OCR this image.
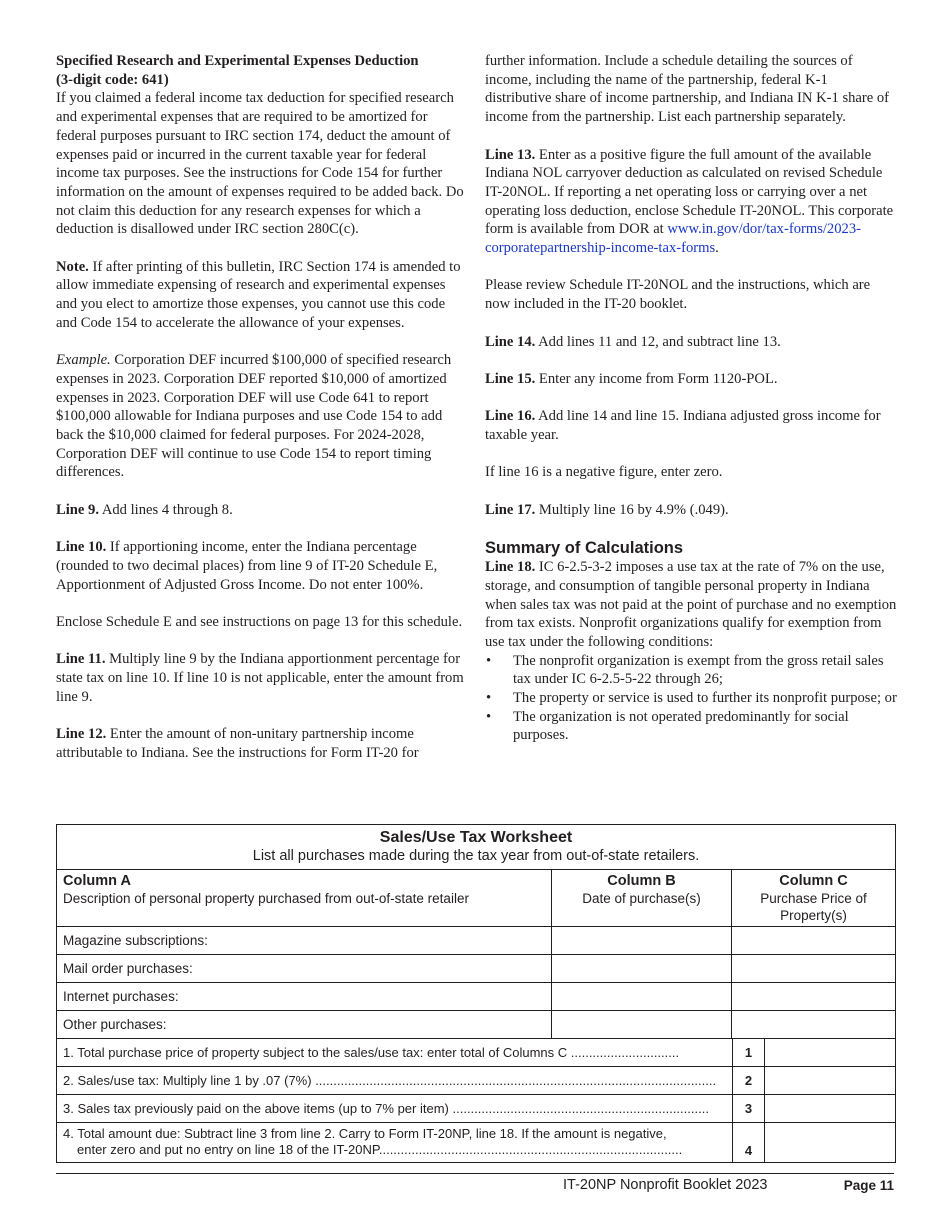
Specified Research and Experimental Expenses Deduction
(3-digit code: 641)
If you claimed a federal income tax deduction for specified research and experimental expenses that are required to be amortized for federal purposes pursuant to IRC section 174, deduct the amount of expenses paid or incurred in the current taxable year for federal income tax purposes. See the instructions for Code 154 for further information on the amount of expenses required to be added back. Do not claim this deduction for any research expenses for which a deduction is disallowed under IRC section 280C(c).

Note. If after printing of this bulletin, IRC Section 174 is amended to allow immediate expensing of research and experimental expenses and you elect to amortize those expenses, you cannot use this code and Code 154 to accelerate the allowance of your expenses.

Example. Corporation DEF incurred $100,000 of specified research expenses in 2023. Corporation DEF reported $10,000 of amortized expenses in 2023. Corporation DEF will use Code 641 to report $100,000 allowable for Indiana purposes and use Code 154 to add back the $10,000 claimed for federal purposes. For 2024-2028, Corporation DEF will continue to use Code 154 to report timing differences.

Line 9. Add lines 4 through 8.

Line 10. If apportioning income, enter the Indiana percentage (rounded to two decimal places) from line 9 of IT-20 Schedule E, Apportionment of Adjusted Gross Income. Do not enter 100%.

Enclose Schedule E and see instructions on page 13 for this schedule.

Line 11. Multiply line 9 by the Indiana apportionment percentage for state tax on line 10. If line 10 is not applicable, enter the amount from line 9.

Line 12. Enter the amount of non-unitary partnership income attributable to Indiana. See the instructions for Form IT-20 for

further information. Include a schedule detailing the sources of income, including the name of the partnership, federal K-1 distributive share of income partnership, and Indiana IN K-1 share of income from the partnership. List each partnership separately.

Line 13. Enter as a positive figure the full amount of the available Indiana NOL carryover deduction as calculated on revised Schedule IT-20NOL. If reporting a net operating loss or carrying over a net operating loss deduction, enclose Schedule IT-20NOL. This corporate form is available from DOR at www.in.gov/dor/tax-forms/2023-corporatepartnership-income-tax-forms.

Please review Schedule IT-20NOL and the instructions, which are now included in the IT-20 booklet.

Line 14. Add lines 11 and 12, and subtract line 13.

Line 15. Enter any income from Form 1120-POL.

Line 16. Add line 14 and line 15. Indiana adjusted gross income for taxable year.

If line 16 is a negative figure, enter zero.

Line 17. Multiply line 16 by 4.9% (.049).

Summary of Calculations

Line 18. IC 6-2.5-3-2 imposes a use tax at the rate of 7% on the use, storage, and consumption of tangible personal property in Indiana when sales tax was not paid at the point of purchase and no exemption from tax exists. Nonprofit organizations qualify for exemption from use tax under the following conditions:

• The nonprofit organization is exempt from the gross retail sales tax under IC 6-2.5-5-22 through 26;
• The property or service is used to further its nonprofit purpose; or
• The organization is not operated predominantly for social purposes.
Sales/Use Tax Worksheet
List all purchases made during the tax year from out-of-state retailers.
Column A
Description of personal property purchased from out-of-state retailer
Column B
Date of purchase(s)
Column C
Purchase Price of Property(s)
Magazine subscriptions:
Mail order purchases:
Internet purchases:
Other purchases:
1. Total purchase price of property subject to the sales/use tax: enter total of Columns C ..............................	1
2. Sales/use tax: Multiply line 1 by .07 (7%) ...............................................................................................................	2
3. Sales tax previously paid on the above items (up to 7% per item) .......................................................................	3
4. Total amount due: Subtract line 3 from line 2. Carry to Form IT-20NP, line 18. If the amount is negative,
enter zero and put no entry on line 18 of the IT-20NP....................................................................................	4
IT-20NP Nonprofit Booklet 2023	Page 11
